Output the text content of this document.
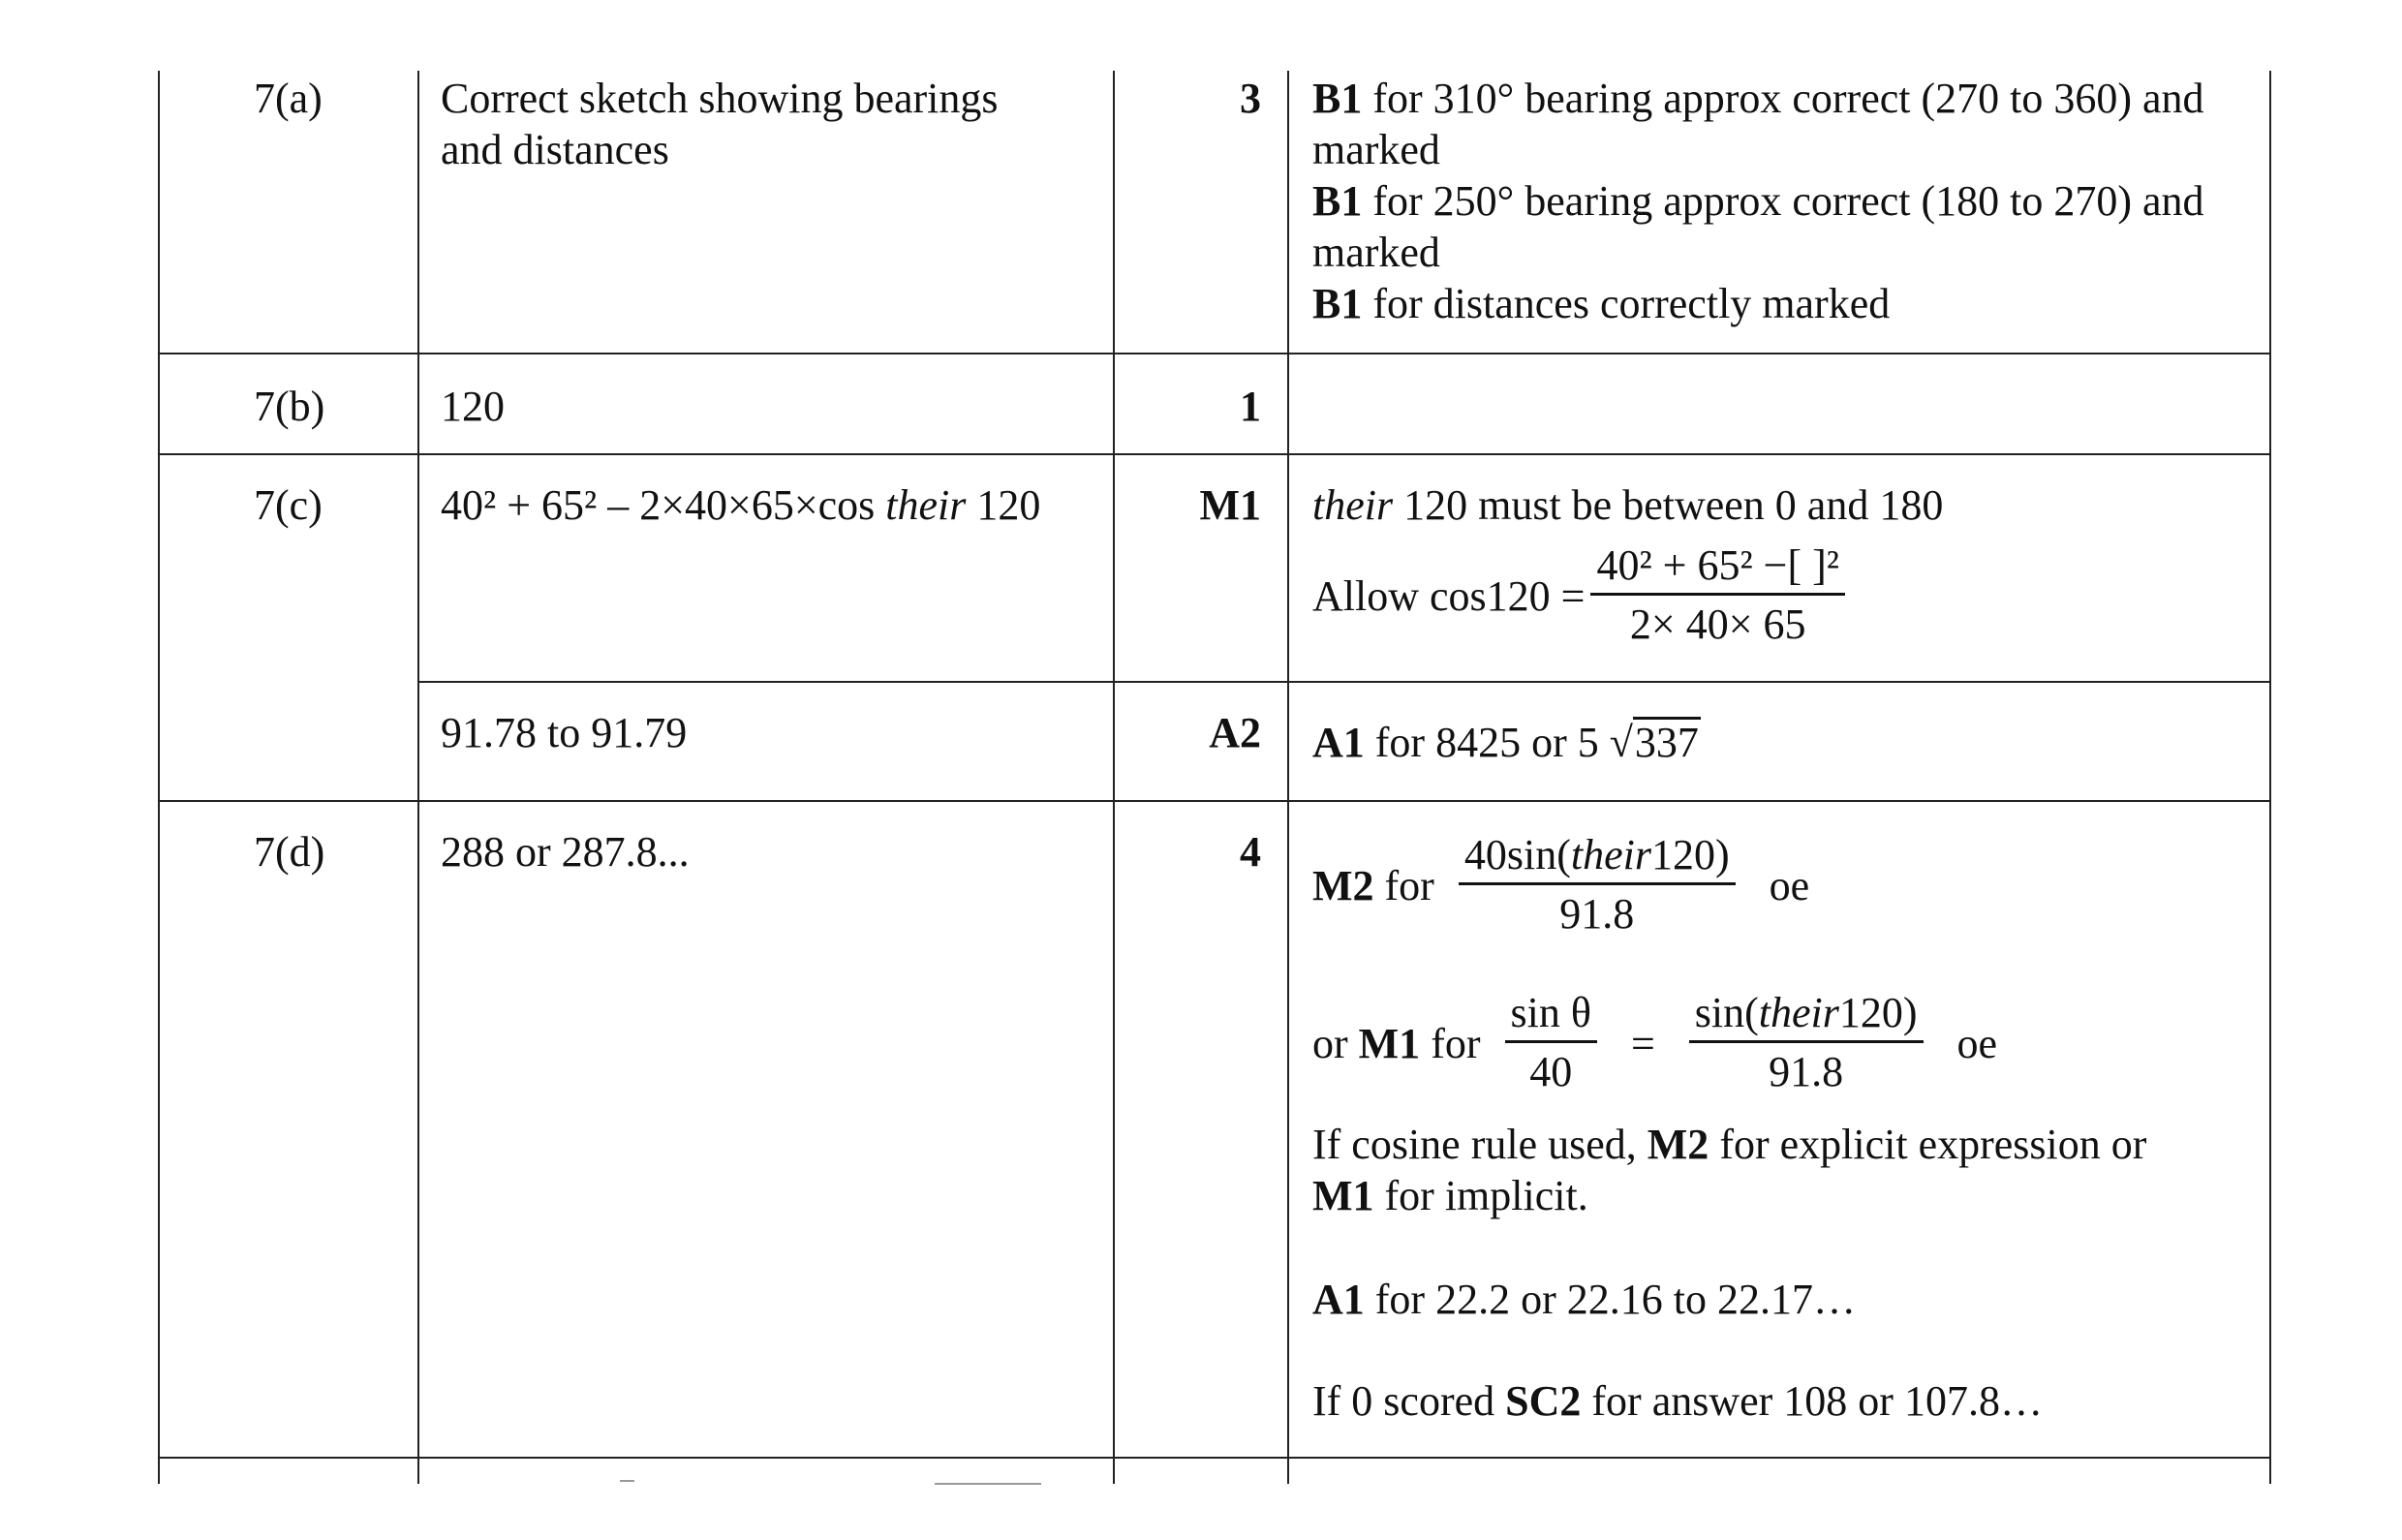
7(a)	Correct sketch showing bearings
and distances
3 B1 for 310° bearing approx correct (270 to 360) and
marked
B1 for 250° bearing approx correct (180 to 270) and
marked
B1 for distances correctly marked
7(b)	120	1
7(c)	40² + 65² – 2×40×65×cos their 120	M1 their 120 must be between 0 and 180
Allow $\cos 120 = \frac{\text{40² + 65² −[ ]²}}{2\times 40\times 65}$
91.78 to 91.79	A2 A1 for 8425 or 5 √337
7(d)	288 or 287.8...	4
M2 for $\frac{\text{40sin(their120)}}{91.8}$ oe
or M1 for $\frac{\text{sin θ}}{40} = \frac{\text{sin(their120)}}{91.8}$ oe
If cosine rule used, M2 for explicit expression or
M1 for implicit.
A1 for 22.2 or 22.16 to 22.17…
If 0 scored SC2 for answer 108 or 107.8…
